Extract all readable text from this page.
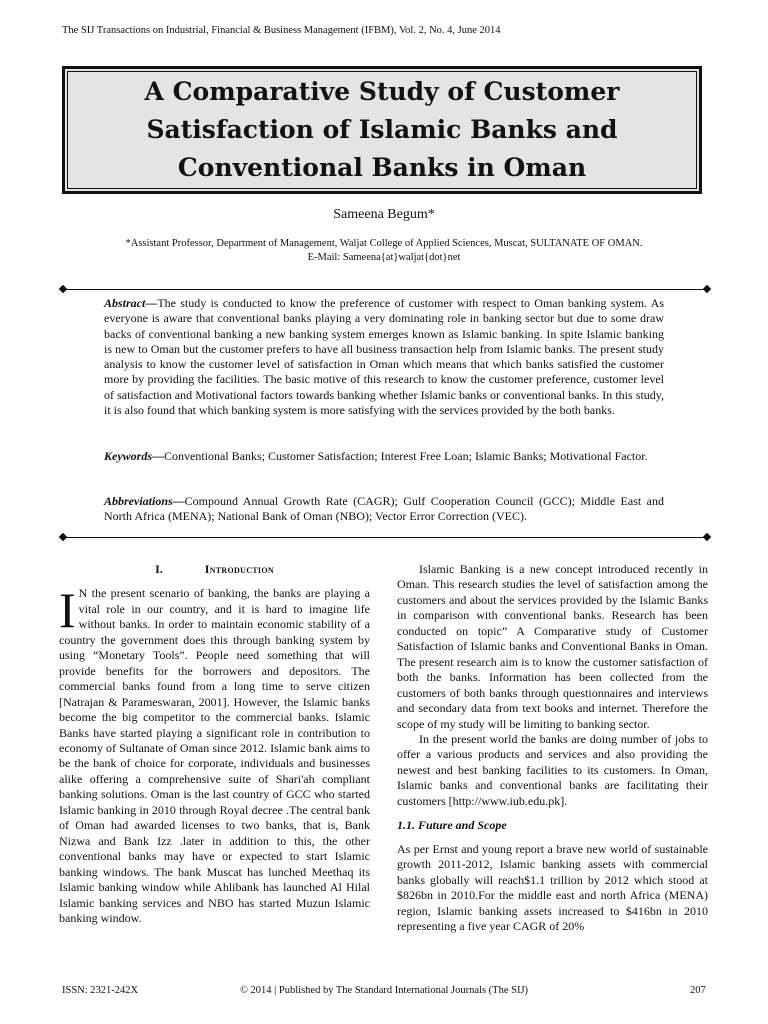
The SIJ Transactions on Industrial, Financial & Business Management (IFBM), Vol. 2, No. 4, June 2014
A Comparative Study of Customer Satisfaction of Islamic Banks and Conventional Banks in Oman
Sameena Begum*
*Assistant Professor, Department of Management, Waljat College of Applied Sciences, Muscat, SULTANATE OF OMAN.
E-Mail: Sameena{at}waljat{dot}net
Abstract—The study is conducted to know the preference of customer with respect to Oman banking system. As everyone is aware that conventional banks playing a very dominating role in banking sector but due to some draw backs of conventional banking a new banking system emerges known as Islamic banking. In spite Islamic banking is new to Oman but the customer prefers to have all business transaction help from Islamic banks. The present study analysis to know the customer level of satisfaction in Oman which means that which banks satisfied the customer more by providing the facilities. The basic motive of this research to know the customer preference, customer level of satisfaction and Motivational factors towards banking whether Islamic banks or conventional banks. In this study, it is also found that which banking system is more satisfying with the services provided by the both banks.
Keywords—Conventional Banks; Customer Satisfaction; Interest Free Loan; Islamic Banks; Motivational Factor.
Abbreviations—Compound Annual Growth Rate (CAGR); Gulf Cooperation Council (GCC); Middle East and North Africa (MENA); National Bank of Oman (NBO); Vector Error Correction (VEC).
I.	Introduction

I N the present scenario of banking, the banks are playing a vital role in our country, and it is hard to imagine life without banks. In order to maintain economic stability of a country the government does this through banking system by using “Monetary Tools”. People need something that will provide benefits for the borrowers and depositors. The commercial banks found from a long time to serve citizen [Natrajan & Parameswaran, 2001]. However, the Islamic banks become the big competitor to the commercial banks. Islamic Banks have started playing a significant role in contribution to economy of Sultanate of Oman since 2012. Islamic bank aims to be the bank of choice for corporate, individuals and businesses alike offering a comprehensive suite of Shari'ah compliant banking solutions. Oman is the last country of GCC who started Islamic banking in 2010 through Royal decree .The central bank of Oman had awarded licenses to two banks, that is, Bank Nizwa and Bank Izz .later in addition to this, the other conventional banks may have or expected to start Islamic banking windows. The bank Muscat has lunched Meethaq its Islamic banking window while Ahlibank has launched Al Hilal Islamic banking services and NBO has started Muzun Islamic banking window.

Islamic Banking is a new concept introduced recently in Oman. This research studies the level of satisfaction among the customers and about the services provided by the Islamic Banks in comparison with conventional banks. Research has been conducted on topic” A Comparative study of Customer Satisfaction of Islamic banks and Conventional Banks in Oman. The present research aim is to know the customer satisfaction of both the banks. Information has been collected from the customers of both banks through questionnaires and interviews and secondary data from text books and internet. Therefore the scope of my study will be limiting to banking sector.

In the present world the banks are doing number of jobs to offer a various products and services and also providing the newest and best banking facilities to its customers. In Oman, Islamic banks and conventional banks are facilitating their customers [http://www.iub.edu.pk].

1.1. Future and Scope

As per Ernst and young report a brave new world of sustainable growth 2011-2012, Islamic banking assets with commercial banks globally will reach$1.1 trillion by 2012 which stood at $826bn in 2010.For the middle east and north Africa (MENA) region, Islamic banking assets increased to $416bn in 2010 representing a five year CAGR of 20%

ISSN: 2321-242X	© 2014 | Published by The Standard International Journals (The SIJ)	207
